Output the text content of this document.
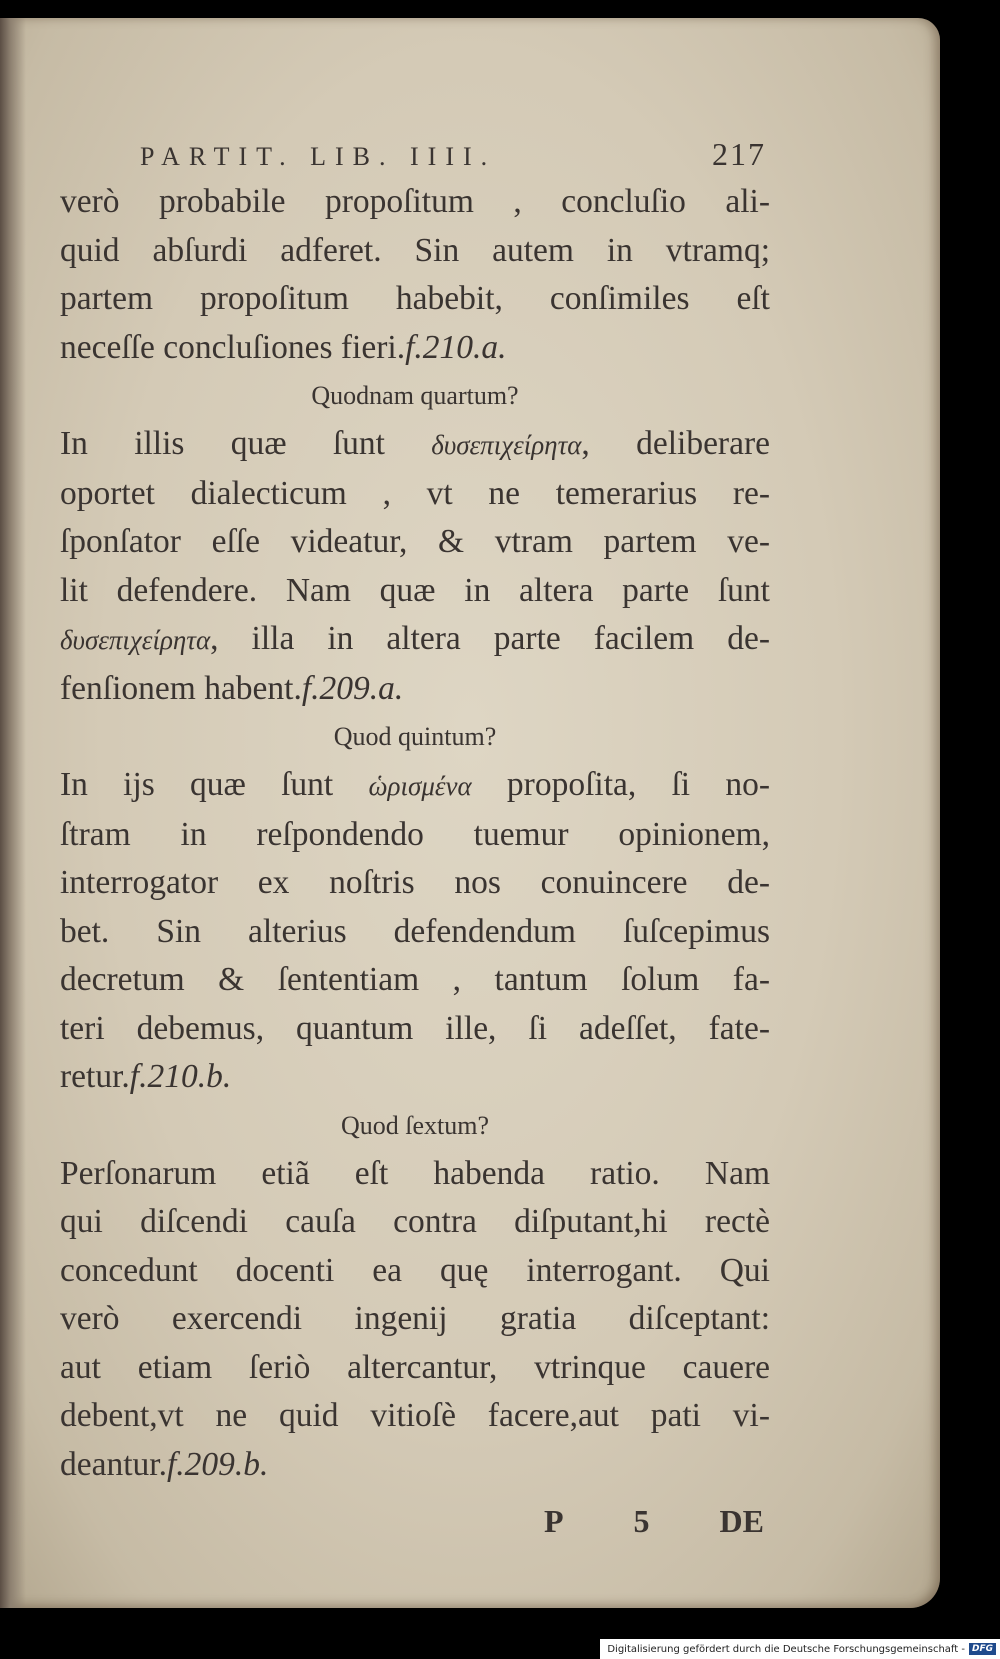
PARTIT. LIB. IIII.	217

verò probabile propoſitum , concluſio ali-
quid abſurdi adferet. Sin autem in vtramq;
partem propoſitum habebit, conſimiles eſt
neceſſe concluſiones fieri.f.210.a.

Quodnam quartum?

In illis quæ ſunt δυσεπιχείρητα, deliberare
oportet dialecticum , vt ne temerarius re-
ſponſator eſſe videatur, & vtram partem ve-
lit defendere. Nam quæ in altera parte ſunt
δυσεπιχείρητα, illa in altera parte facilem de-
fenſionem habent.f.209.a.

Quod quintum?

In ijs quæ ſunt ὡρισμένα propoſita, ſi no-
ſtram in reſpondendo tuemur opinionem,
interrogator ex noſtris nos conuincere de-
bet. Sin alterius defendendum ſuſcepimus
decretum & ſententiam , tantum ſolum fa-
teri debemus, quantum ille, ſi adeſſet, fate-
retur.f.210.b.

Quod ſextum?

Perſonarum etiã eſt habenda ratio. Nam
qui diſcendi cauſa contra diſputant,hi rectè
concedunt docenti ea quę interrogant. Qui
verò exercendi ingenij gratia diſceptant:
aut etiam ſeriò altercantur, vtrinque cauere
debent,vt ne quid vitioſè facere,aut pati vi-
deantur.f.209.b.

P 5 DE
Digitalisierung gefördert durch die Deutsche Forschungsgemeinschaft - DFG
